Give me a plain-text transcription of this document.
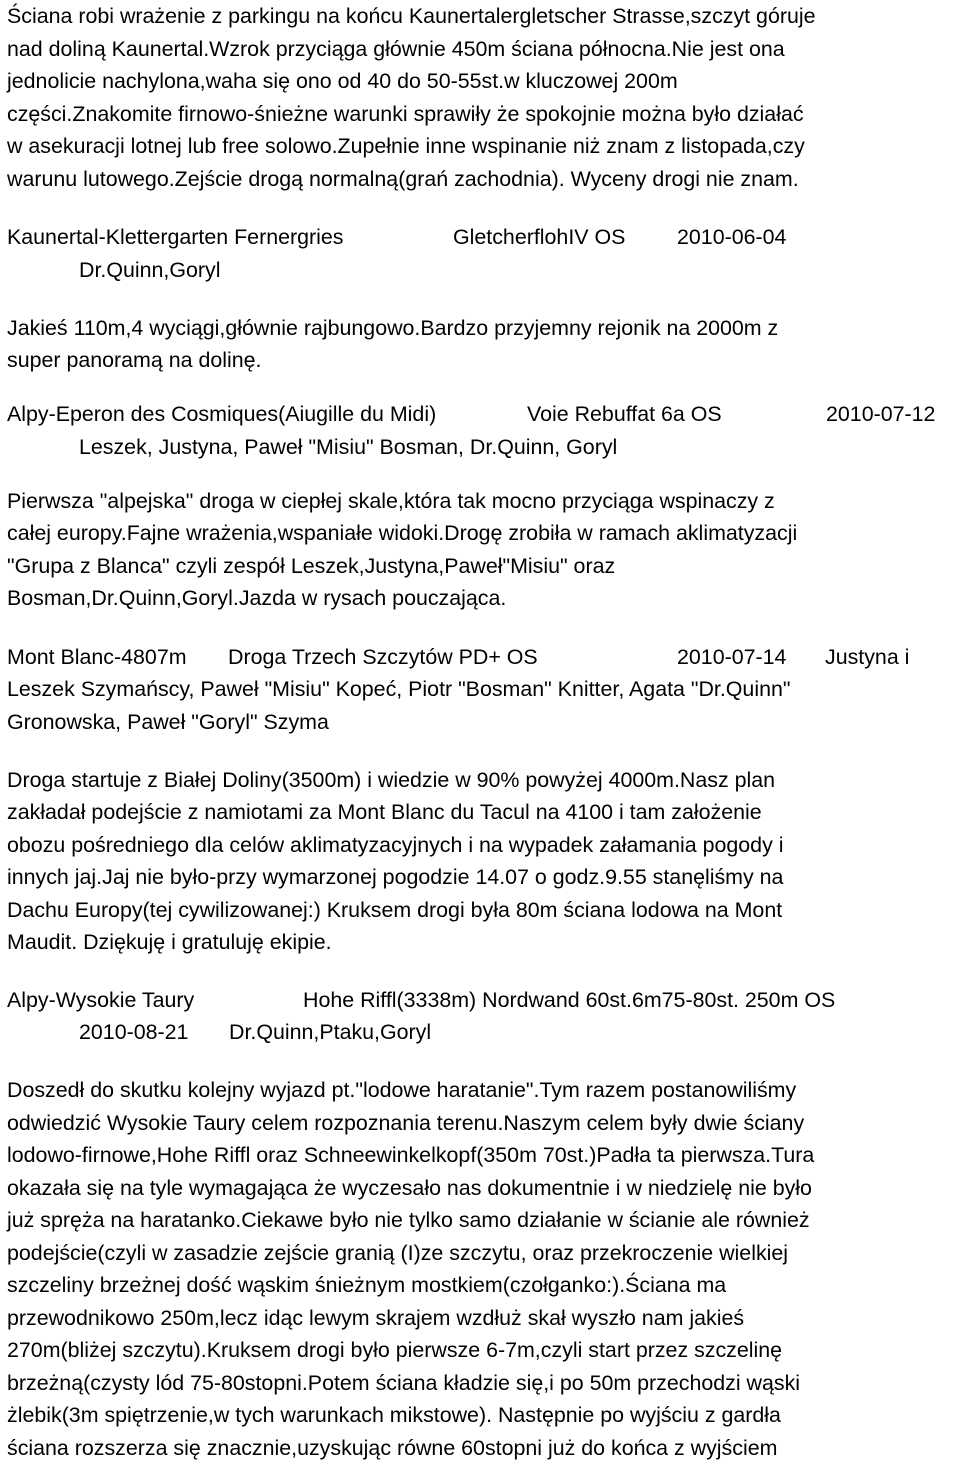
Ściana robi wrażenie z parkingu na końcu Kaunertalergletscher Strasse,szczyt góruje
nad doliną Kaunertal.Wzrok przyciąga głównie 450m ściana północna.Nie jest ona
jednolicie nachylona,waha się ono od 40 do 50-55st.w kluczowej 200m
części.Znakomite firnowo-śnieżne warunki sprawiły że spokojnie można było działać
w asekuracji lotnej lub free solowo.Zupełnie inne wspinanie niż znam z listopada,czy
warunu lutowego.Zejście drogą normalną(grań zachodnia). Wyceny drogi nie znam.
Kaunertal-Klettergarten Fernergries	GletcherflohIV OS 2010-06-04
Dr.Quinn,Goryl
Jakieś 110m,4 wyciągi,głównie rajbungowo.Bardzo przyjemny rejonik na 2000m z
super panoramą na dolinę.
Alpy-Eperon des Cosmiques(Aiugille du Midi)	Voie Rebuffat 6a OS	2010-07-12
Leszek, Justyna, Paweł "Misiu" Bosman, Dr.Quinn, Goryl
Pierwsza "alpejska" droga w ciepłej skale,która tak mocno przyciąga wspinaczy z
całej europy.Fajne wrażenia,wspaniałe widoki.Drogę zrobiła w ramach aklimatyzacji
"Grupa z Blanca" czyli zespół Leszek,Justyna,Paweł"Misiu" oraz
Bosman,Dr.Quinn,Goryl.Jazda w rysach pouczająca.
Mont Blanc-4807m Droga Trzech Szczytów PD+ OS	2010-07-14 Justyna i
Leszek Szymańscy, Paweł "Misiu" Kopeć, Piotr "Bosman" Knitter, Agata "Dr.Quinn"
Gronowska, Paweł "Goryl" Szyma
Droga startuje z Białej Doliny(3500m) i wiedzie w 90% powyżej 4000m.Nasz plan
zakładał podejście z namiotami za Mont Blanc du Tacul na 4100 i tam założenie
obozu pośredniego dla celów aklimatyzacyjnych i na wypadek załamania pogody i
innych jaj.Jaj nie było-przy wymarzonej pogodzie 14.07 o godz.9.55 stanęliśmy na
Dachu Europy(tej cywilizowanej:) Kruksem drogi była 80m ściana lodowa na Mont
Maudit. Dziękuję i gratuluję ekipie.
Alpy-Wysokie Taury	Hohe Riffl(3338m) Nordwand 60st.6m75-80st. 250m OS
2010-08-21 Dr.Quinn,Ptaku,Goryl
Doszedł do skutku kolejny wyjazd pt."lodowe haratanie".Tym razem postanowiliśmy
odwiedzić Wysokie Taury celem rozpoznania terenu.Naszym celem były dwie ściany
lodowo-firnowe,Hohe Riffl oraz Schneewinkelkopf(350m 70st.)Padła ta pierwsza.Tura
okazała się na tyle wymagająca że wyczesało nas dokumentnie i w niedzielę nie było
już spręża na haratanko.Ciekawe było nie tylko samo działanie w ścianie ale również
podejście(czyli w zasadzie zejście granią (I)ze szczytu, oraz przekroczenie wielkiej
szczeliny brzeżnej dość wąskim śnieżnym mostkiem(czołganko:).Ściana ma
przewodnikowo 250m,lecz idąc lewym skrajem wzdłuż skał wyszło nam jakieś
270m(bliżej szczytu).Kruksem drogi było pierwsze 6-7m,czyli start przez szczelinę
brzeżną(czysty lód 75-80stopni.Potem ściana kładzie się,i po 50m przechodzi wąski
żlebik(3m spiętrzenie,w tych warunkach mikstowe). Następnie po wyjściu z gardła
ściana rozszerza się znacznie,uzyskując równe 60stopni już do końca z wyjściem
